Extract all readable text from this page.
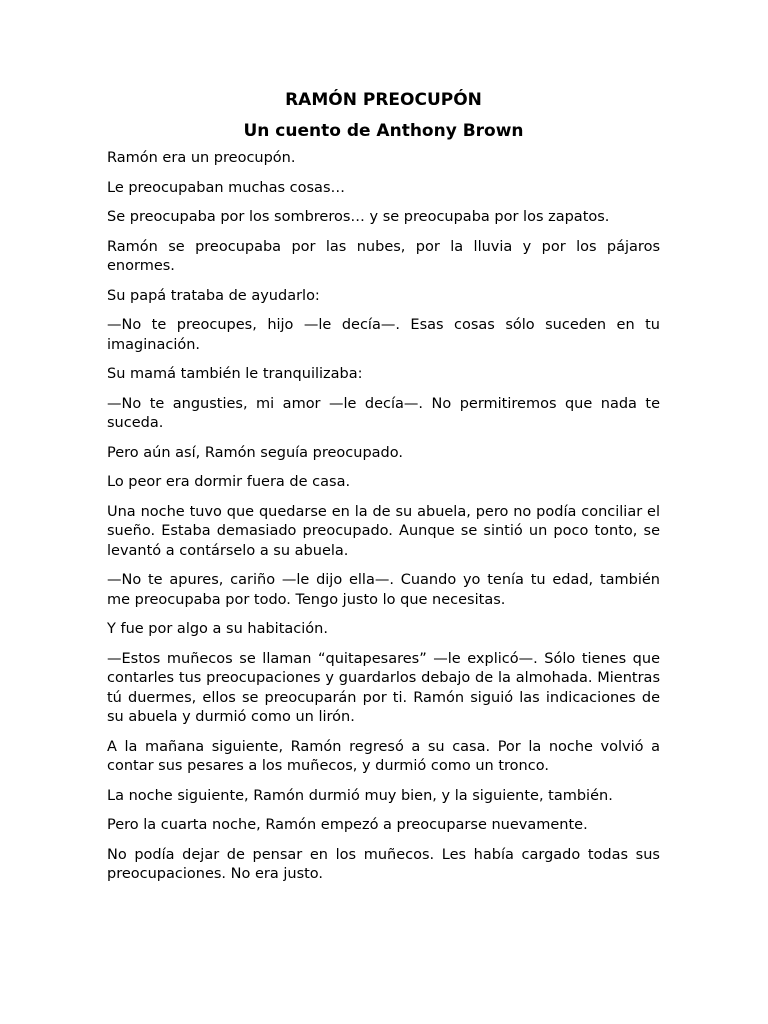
RAMÓN PREOCUPÓN
Un cuento de Anthony Brown

Ramón era un preocupón.

Le preocupaban muchas cosas…

Se preocupaba por los sombreros… y se preocupaba por los zapatos.

Ramón se preocupaba por las nubes, por la lluvia y por los pájaros enormes.

Su papá trataba de ayudarlo:

—No te preocupes, hijo —le decía—. Esas cosas sólo suceden en tu imaginación.

Su mamá también le tranquilizaba:

—No te angusties, mi amor —le decía—. No permitiremos que nada te suceda.

Pero aún así, Ramón seguía preocupado.

Lo peor era dormir fuera de casa.

Una noche tuvo que quedarse en la de su abuela, pero no podía conciliar el sueño. Estaba demasiado preocupado. Aunque se sintió un poco tonto, se levantó a contárselo a su abuela.

—No te apures, cariño —le dijo ella—. Cuando yo tenía tu edad, también me preocupaba por todo. Tengo justo lo que necesitas.

Y fue por algo a su habitación.

—Estos muñecos se llaman “quitapesares” —le explicó—. Sólo tienes que contarles tus preocupaciones y guardarlos debajo de la almohada. Mientras tú duermes, ellos se preocuparán por ti. Ramón siguió las indicaciones de su abuela y durmió como un lirón.

A la mañana siguiente, Ramón regresó a su casa. Por la noche volvió a contar sus pesares a los muñecos, y durmió como un tronco.

La noche siguiente, Ramón durmió muy bien, y la siguiente, también.

Pero la cuarta noche, Ramón empezó a preocuparse nuevamente.

No podía dejar de pensar en los muñecos. Les había cargado todas sus preocupaciones. No era justo.
